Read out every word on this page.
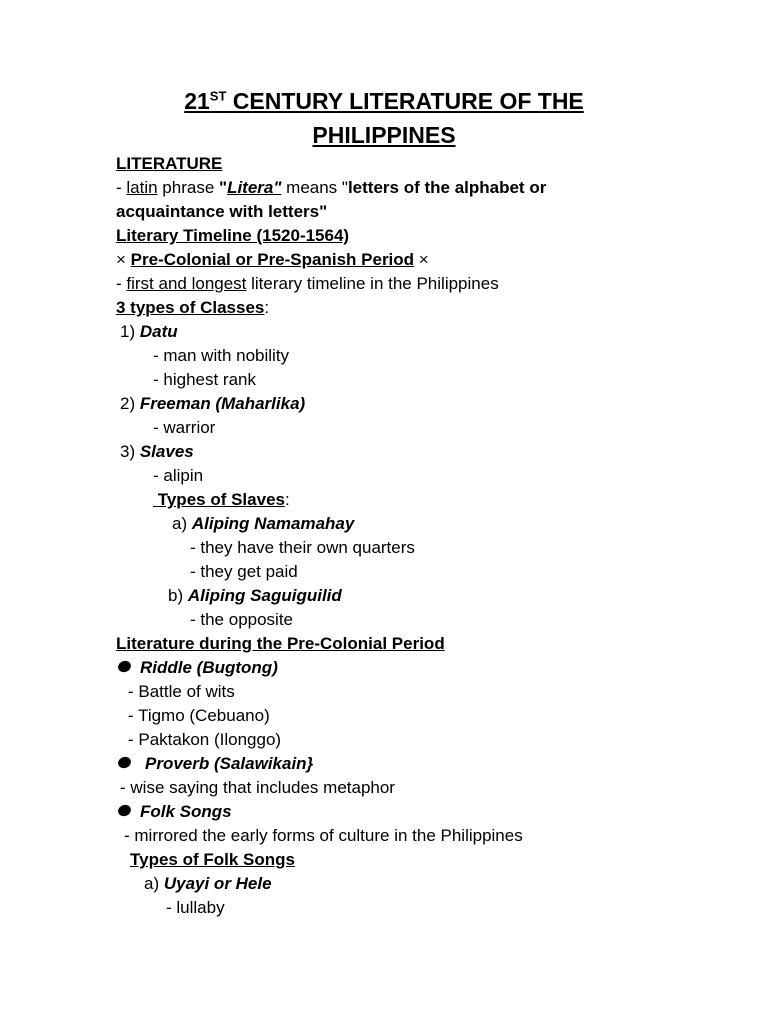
21ST CENTURY LITERATURE OF THE
PHILIPPINES
LITERATURE
- latin phrase "Litera" means "letters of the alphabet or
acquaintance with letters"
Literary Timeline (1520-1564)
× Pre-Colonial or Pre-Spanish Period ×
- first and longest literary timeline in the Philippines
3 types of Classes:
1) Datu
- man with nobility
- highest rank
2) Freeman (Maharlika)
- warrior
3) Slaves
- alipin
Types of Slaves:
a) Aliping Namamahay
- they have their own quarters
- they get paid
b) Aliping Saguiguilid
- the opposite
Literature during the Pre-Colonial Period
Riddle (Bugtong)
- Battle of wits
- Tigmo (Cebuano)
- Paktakon (Ilonggo)
Proverb (Salawikain}
- wise saying that includes metaphor
Folk Songs
- mirrored the early forms of culture in the Philippines
Types of Folk Songs
a) Uyayi or Hele
- lullaby
